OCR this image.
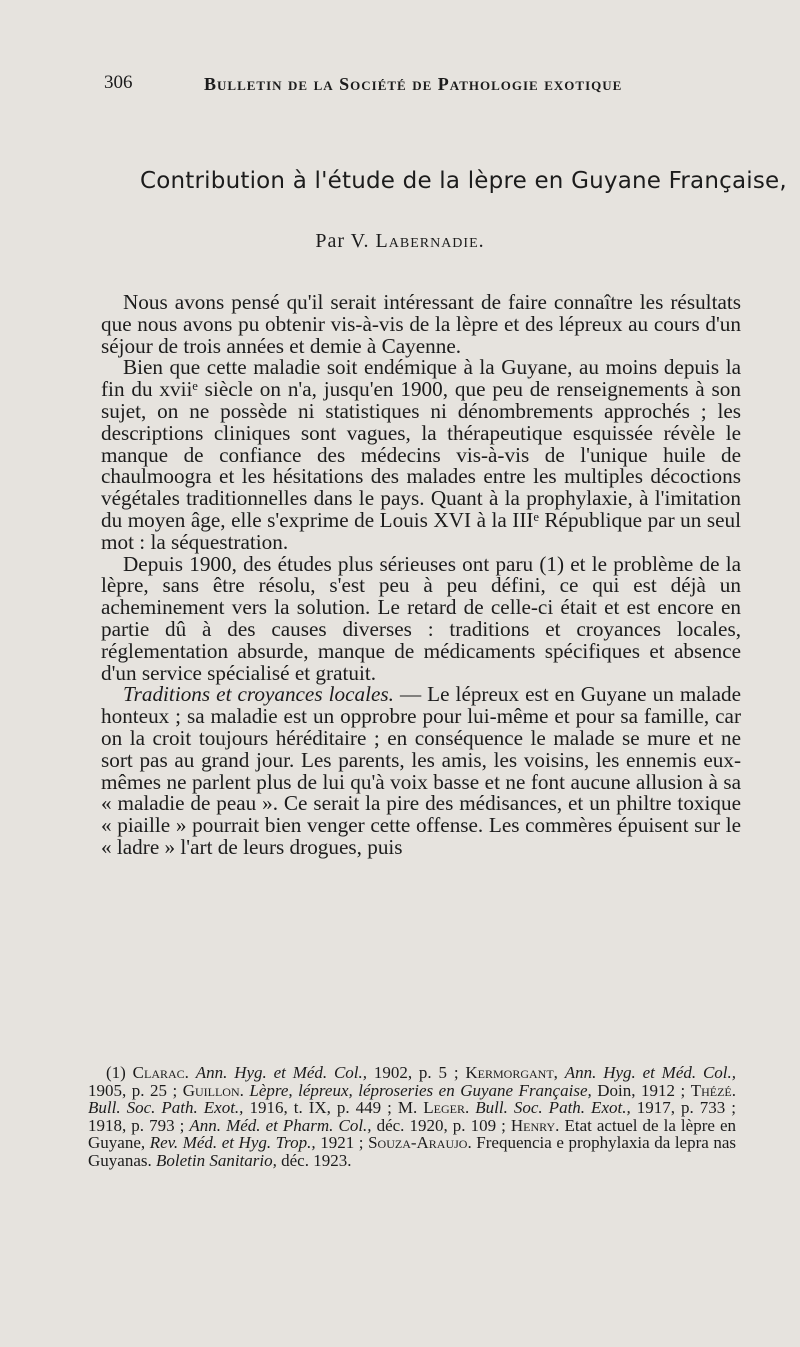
306	Bulletin de la Société de Pathologie exotique
Contribution à l'étude de la lèpre en Guyane Française,
Par V. Labernadie.

Nous avons pensé qu'il serait intéressant de faire connaître les résultats que nous avons pu obtenir vis-à-vis de la lèpre et des lépreux au cours d'un séjour de trois années et demie à Cayenne.

Bien que cette maladie soit endémique à la Guyane, au moins depuis la fin du xviiᵉ siècle on n'a, jusqu'en 1900, que peu de renseignements à son sujet, on ne possède ni statistiques ni dénombrements approchés ; les descriptions cliniques sont vagues, la thérapeutique esquissée révèle le manque de confiance des médecins vis-à-vis de l'unique huile de chaulmoogra et les hésitations des malades entre les multiples décoctions végétales traditionnelles dans le pays. Quant à la prophylaxie, à l'imitation du moyen âge, elle s'exprime de Louis XVI à la IIIᵉ République par un seul mot : la séquestration.

Depuis 1900, des études plus sérieuses ont paru (1) et le problème de la lèpre, sans être résolu, s'est peu à peu défini, ce qui est déjà un acheminement vers la solution. Le retard de celle-ci était et est encore en partie dû à des causes diverses : traditions et croyances locales, réglementation absurde, manque de médicaments spécifiques et absence d'un service spécialisé et gratuit.

Traditions et croyances locales. — Le lépreux est en Guyane un malade honteux ; sa maladie est un opprobre pour lui-même et pour sa famille, car on la croit toujours héréditaire ; en conséquence le malade se mure et ne sort pas au grand jour. Les parents, les amis, les voisins, les ennemis eux-mêmes ne parlent plus de lui qu'à voix basse et ne font aucune allusion à sa « maladie de peau ». Ce serait la pire des médisances, et un philtre toxique « piaille » pourrait bien venger cette offense. Les commères épuisent sur le « ladre » l'art de leurs drogues, puis

(1) Clarac. Ann. Hyg. et Méd. Col., 1902, p. 5 ; Kermorgant, Ann. Hyg. et Méd. Col., 1905, p. 25 ; Guillon. Lèpre, lépreux, léproseries en Guyane Française, Doin, 1912 ; Thézé. Bull. Soc. Path. Exot., 1916, t. IX, p. 449 ; M. Leger. Bull. Soc. Path. Exot., 1917, p. 733 ; 1918, p. 793 ; Ann. Méd. et Pharm. Col., déc. 1920, p. 109 ; Henry. Etat actuel de la lèpre en Guyane, Rev. Méd. et Hyg. Trop., 1921 ; Souza-Araujo. Frequencia e prophylaxia da lepra nas Guyanas. Boletin Sanitario, déc. 1923.
